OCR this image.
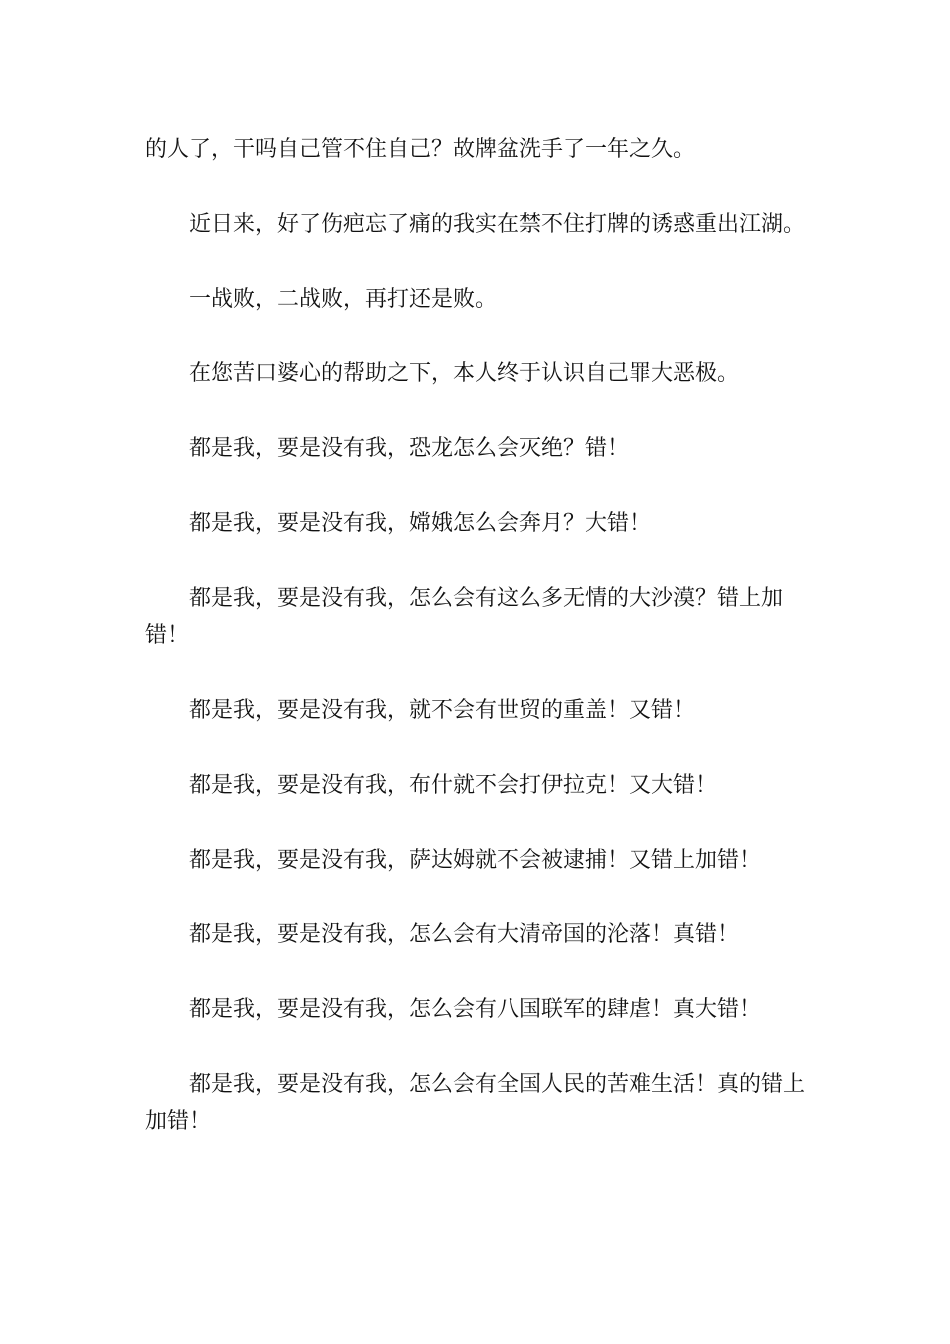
的人了，干吗自己管不住自己？故牌盆洗手了一年之久。

近日来，好了伤疤忘了痛的我实在禁不住打牌的诱惑重出江湖。

一战败，二战败，再打还是败。

在您苦口婆心的帮助之下，本人终于认识自己罪大恶极。

都是我，要是没有我，恐龙怎么会灭绝？错！

都是我，要是没有我，嫦娥怎么会奔月？大错！

都是我，要是没有我，怎么会有这么多无情的大沙漠？错上加错！

都是我，要是没有我，就不会有世贸的重盖！又错！

都是我，要是没有我，布什就不会打伊拉克！又大错！

都是我，要是没有我，萨达姆就不会被逮捕！又错上加错！

都是我，要是没有我，怎么会有大清帝国的沦落！真错！

都是我，要是没有我，怎么会有八国联军的肆虐！真大错！

都是我，要是没有我，怎么会有全国人民的苦难生活！真的错上加错！
